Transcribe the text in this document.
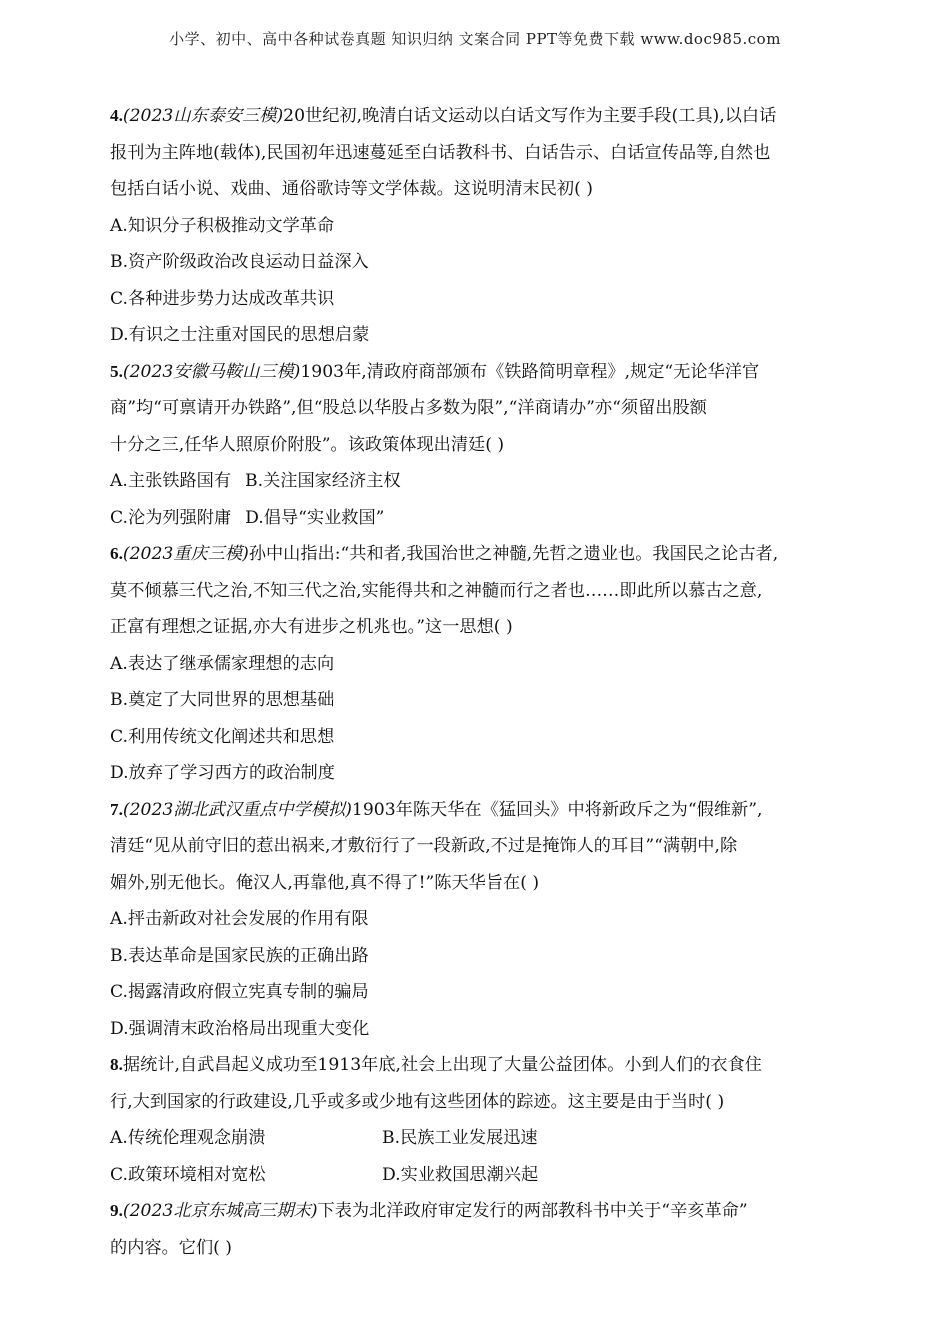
小学、初中、高中各种试卷真题 知识归纳 文案合同 PPT等免费下载 www.doc985.com
4.(2023山东泰安三模)20世纪初,晚清白话文运动以白话文写作为主要手段(工具),以白话
报刊为主阵地(载体),民国初年迅速蔓延至白话教科书、白话告示、白话宣传品等,自然也
包括白话小说、戏曲、通俗歌诗等文学体裁。这说明清末民初( )
A.知识分子积极推动文学革命
B.资产阶级政治改良运动日益深入
C.各种进步势力达成改革共识
D.有识之士注重对国民的思想启蒙
5.(2023安徽马鞍山三模)1903年,清政府商部颁布《铁路简明章程》,规定“无论华洋官
商”均“可禀请开办铁路”,但“股总以华股占多数为限”,“洋商请办”亦“须留出股额
十分之三,任华人照原价附股”。该政策体现出清廷( )
A.主张铁路国有 B.关注国家经济主权
C.沦为列强附庸 D.倡导“实业救国”
6.(2023重庆三模)孙中山指出:“共和者,我国治世之神髓,先哲之遗业也。我国民之论古者,
莫不倾慕三代之治,不知三代之治,实能得共和之神髓而行之者也……即此所以慕古之意,
正富有理想之证据,亦大有进步之机兆也。”这一思想( )
A.表达了继承儒家理想的志向
B.奠定了大同世界的思想基础
C.利用传统文化阐述共和思想
D.放弃了学习西方的政治制度
7.(2023湖北武汉重点中学模拟)1903年陈天华在《猛回头》中将新政斥之为“假维新”,
清廷“见从前守旧的惹出祸来,才敷衍行了一段新政,不过是掩饰人的耳目”“满朝中,除
媚外,别无他长。俺汉人,再靠他,真不得了!”陈天华旨在( )
A.抨击新政对社会发展的作用有限
B.表达革命是国家民族的正确出路
C.揭露清政府假立宪真专制的骗局
D.强调清末政治格局出现重大变化
8.据统计,自武昌起义成功至1913年底,社会上出现了大量公益团体。小到人们的衣食住
行,大到国家的行政建设,几乎或多或少地有这些团体的踪迹。这主要是由于当时( )
A.传统伦理观念崩溃	B.民族工业发展迅速
C.政策环境相对宽松	D.实业救国思潮兴起
9.(2023北京东城高三期末)下表为北洋政府审定发行的两部教科书中关于“辛亥革命”
的内容。它们( )
